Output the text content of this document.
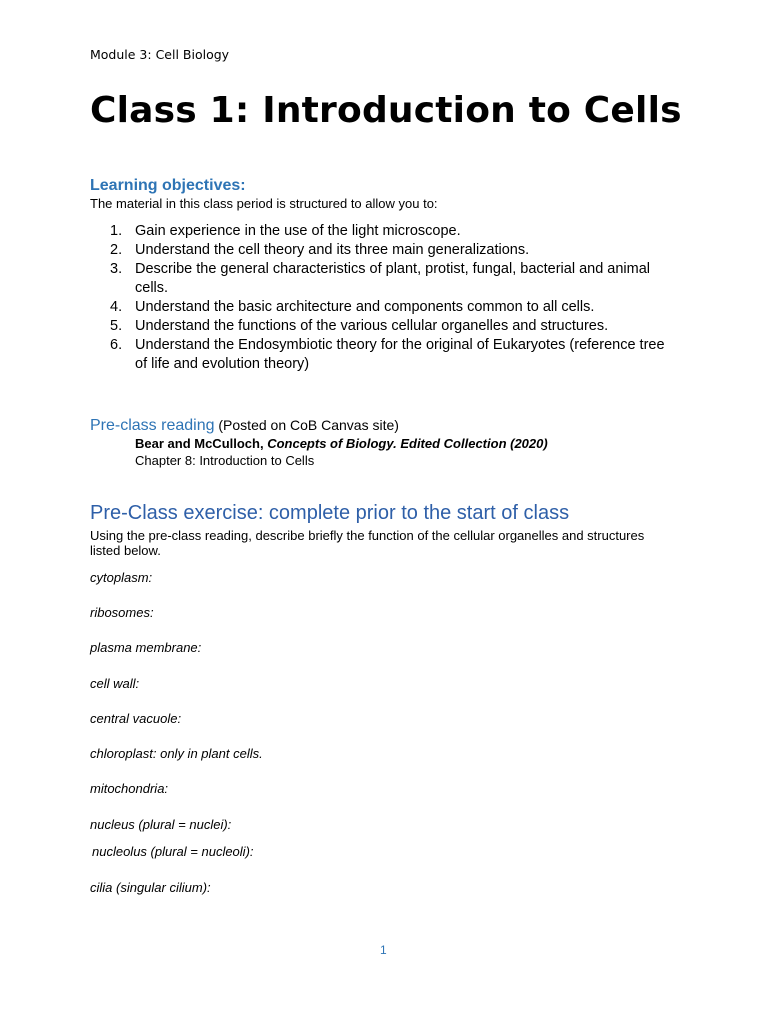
Module 3: Cell Biology
Class 1: Introduction to Cells
Learning objectives:
The material in this class period is structured to allow you to:
1. Gain experience in the use of the light microscope.
2. Understand the cell theory and its three main generalizations.
3. Describe the general characteristics of plant, protist, fungal, bacterial and animal cells.
4. Understand the basic architecture and components common to all cells.
5. Understand the functions of the various cellular organelles and structures.
6. Understand the Endosymbiotic theory for the original of Eukaryotes (reference tree of life and evolution theory)
Pre-class reading (Posted on CoB Canvas site)
Bear and McCulloch, Concepts of Biology. Edited Collection (2020)
Chapter 8: Introduction to Cells
Pre-Class exercise: complete prior to the start of class
Using the pre-class reading, describe briefly the function of the cellular organelles and structures listed below.
cytoplasm:
ribosomes:
plasma membrane:
cell wall:
central vacuole:
chloroplast: only in plant cells.
mitochondria:
nucleus (plural = nuclei):
nucleolus (plural = nucleoli):
cilia (singular cilium):
1
